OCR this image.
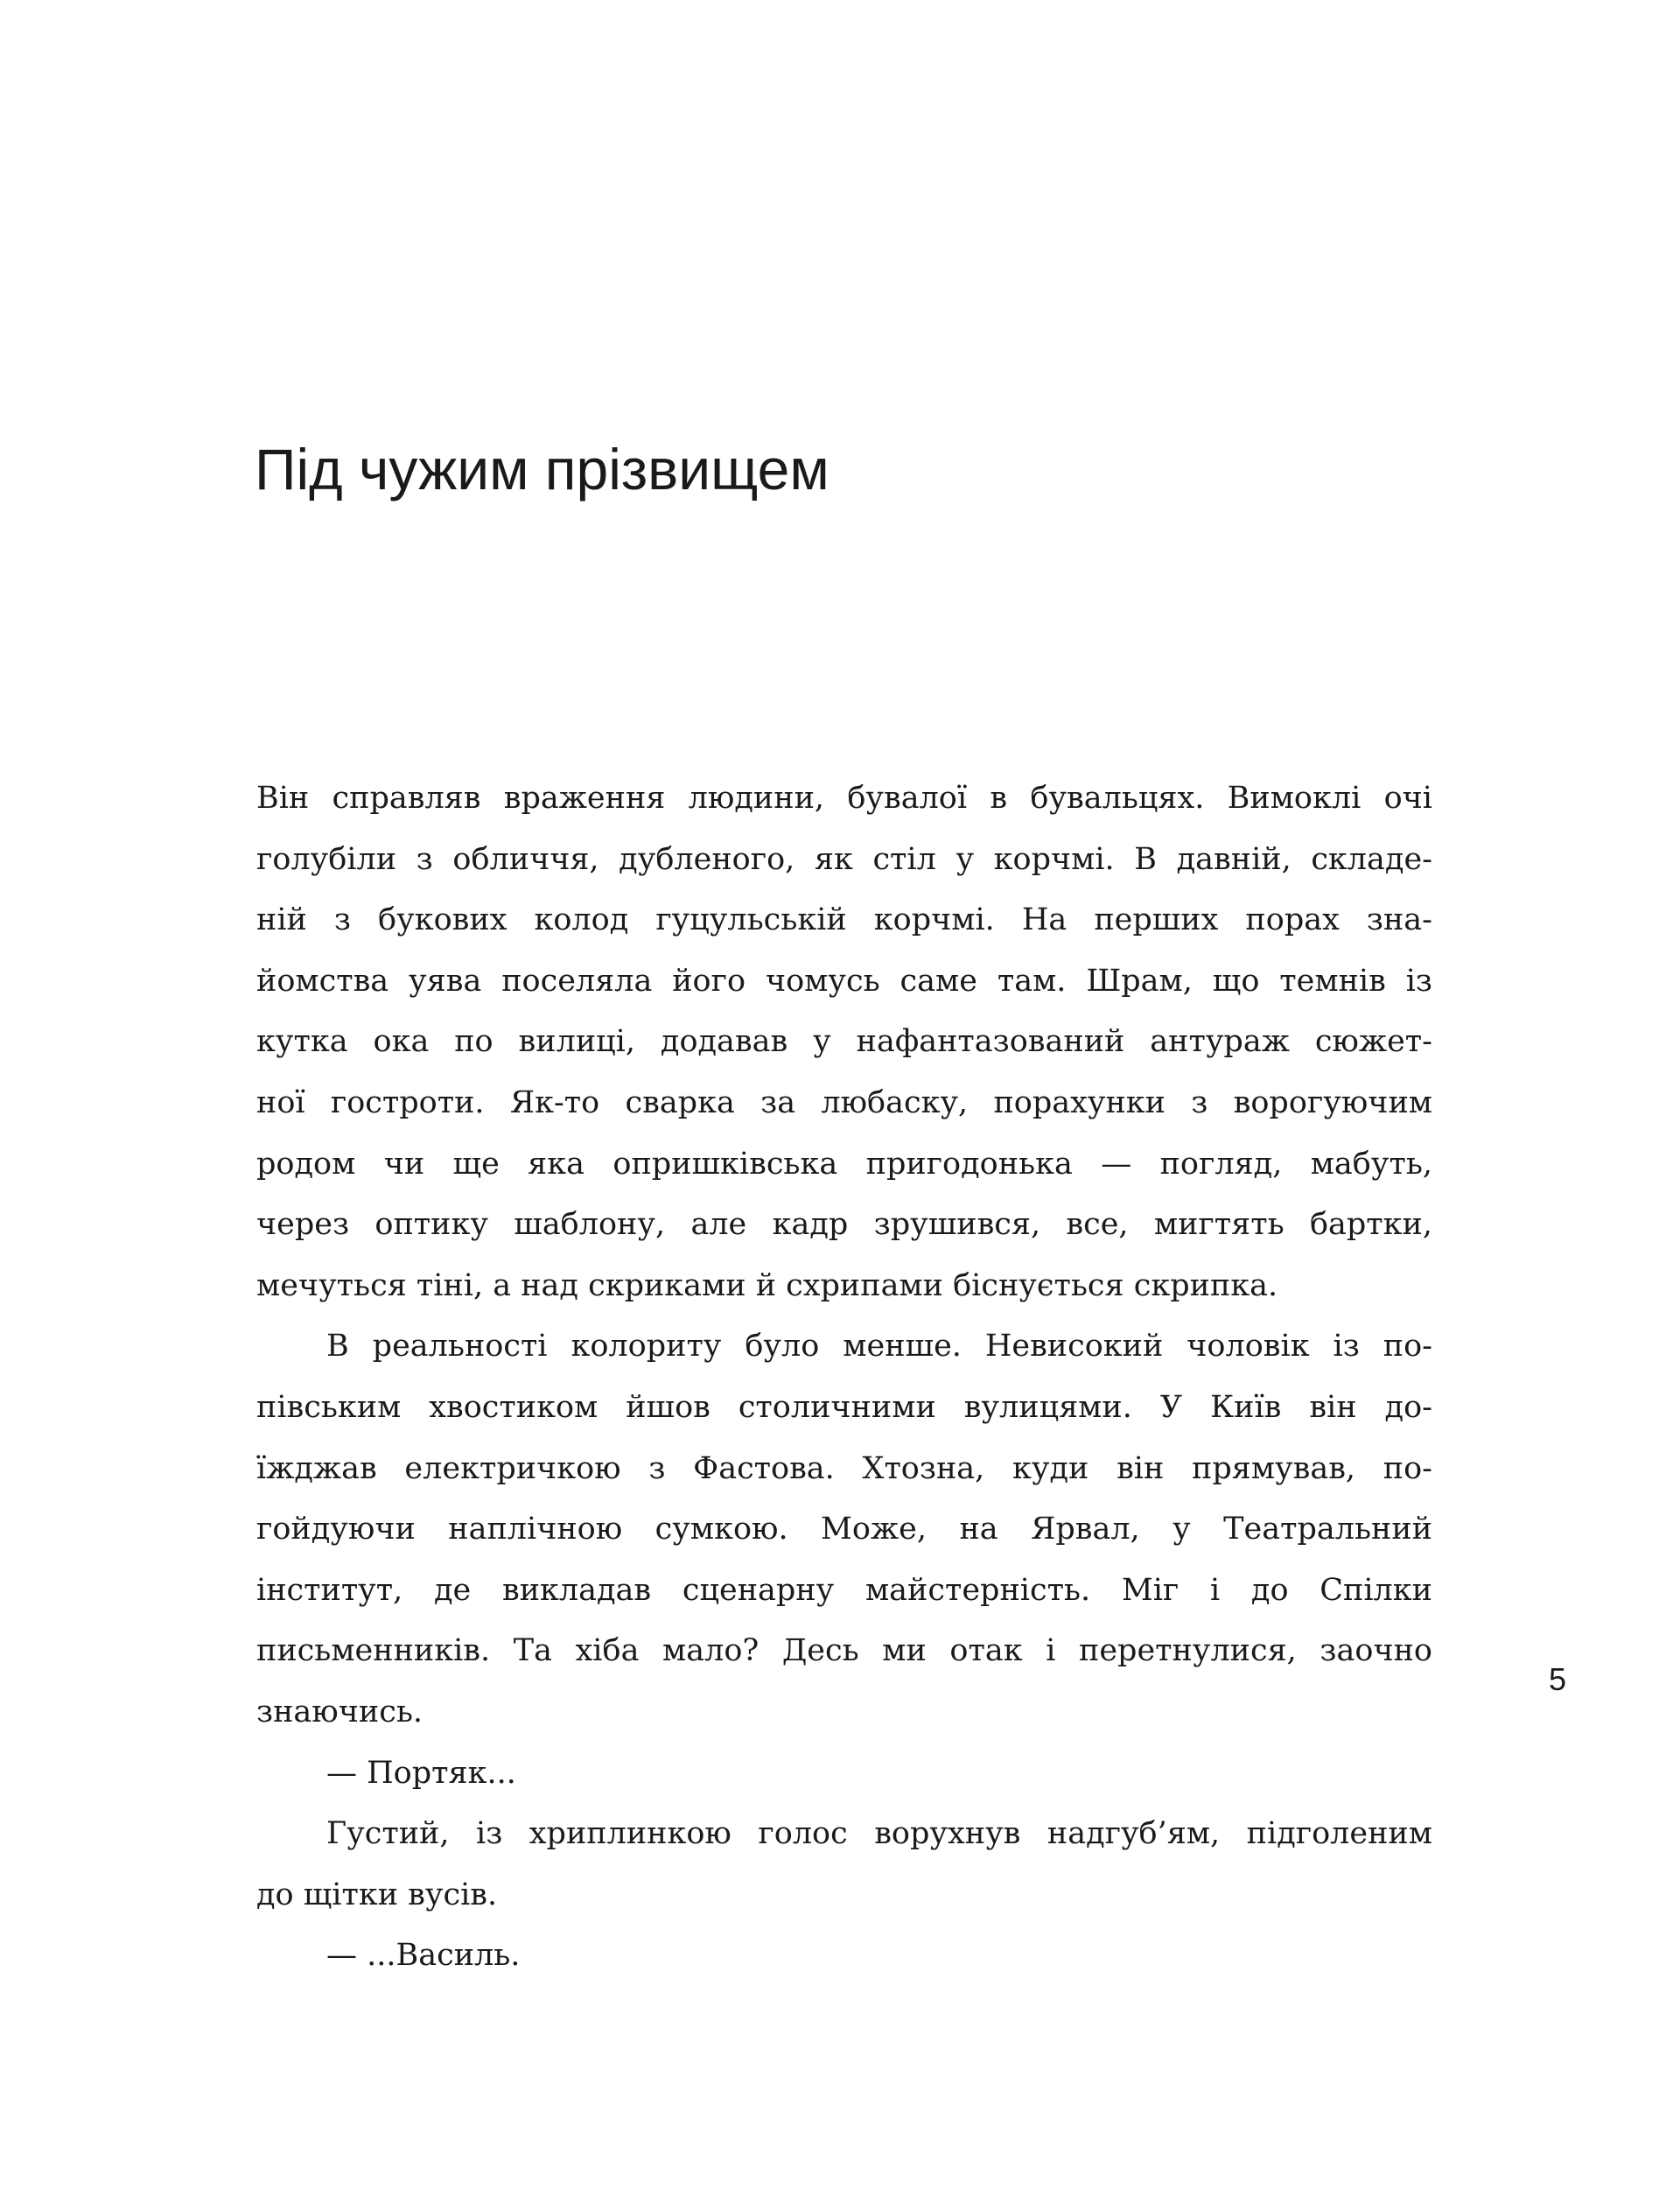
Під чужим прізвищем
Він справляв враження людини, бувалої в бувальцях. Вимоклі очі
голубіли з обличчя, дубленого, як стіл у корчмі. В давній, складе-
ній з букових колод гуцульській корчмі. На перших порах зна-
йомства уява поселяла його чомусь саме там. Шрам, що темнів із
кутка ока по вилиці, додавав у нафантазований антураж сюжет-
ної гостроти. Як-то сварка за любаску, порахунки з ворогуючим
родом чи ще яка опришківська пригодонька — погляд, мабуть,
через оптику шаблону, але кадр зрушився, все, мигтять бартки,
мечуться тіні, а над скриками й схрипами біснується скрипка.
В реальності колориту було менше. Невисокий чоловік із по-
півським хвостиком йшов столичними вулицями. У Київ він до-
їжджав електричкою з Фастова. Хтозна, куди він прямував, по-
гойдуючи наплічною сумкою. Може, на Ярвал, у Театральний
інститут, де викладав сценарну майстерність. Міг і до Спілки
письменників. Та хіба мало? Десь ми отак і перетнулися, заочно
знаючись.
— Портяк...
Густий, із хриплинкою голос ворухнув надгуб’ям, підголеним
до щітки вусів.
— ...Василь.
5
